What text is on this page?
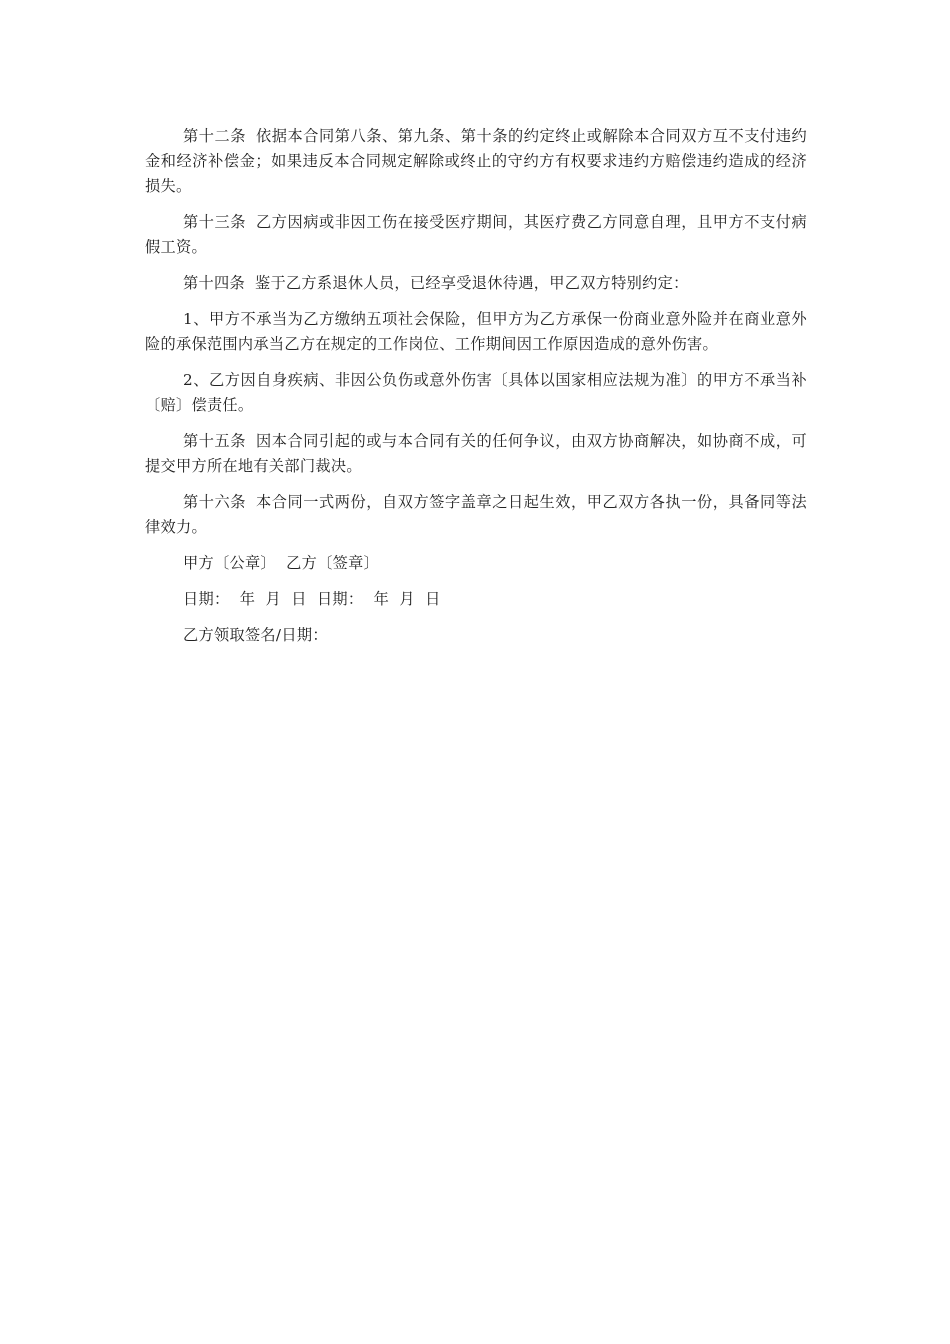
第十二条 依据本合同第八条、第九条、第十条的约定终止或解除本合同双方互不支付违约金和经济补偿金；如果违反本合同规定解除或终止的守约方有权要求违约方赔偿违约造成的经济损失。

第十三条 乙方因病或非因工伤在接受医疗期间，其医疗费乙方同意自理，且甲方不支付病假工资。

第十四条 鉴于乙方系退休人员，已经享受退休待遇，甲乙双方特别约定：

1、甲方不承当为乙方缴纳五项社会保险，但甲方为乙方承保一份商业意外险并在商业意外险的承保范围内承当乙方在规定的工作岗位、工作期间因工作原因造成的意外伤害。

2、乙方因自身疾病、非因公负伤或意外伤害〔具体以国家相应法规为准〕的甲方不承当补〔赔〕偿责任。

第十五条 因本合同引起的或与本合同有关的任何争议，由双方协商解决，如协商不成，可提交甲方所在地有关部门裁决。

第十六条 本合同一式两份，自双方签字盖章之日起生效，甲乙双方各执一份，具备同等法律效力。

甲方〔公章〕  乙方〔签章〕

日期：  年  月  日  日期：  年  月  日

乙方领取签名/日期：
